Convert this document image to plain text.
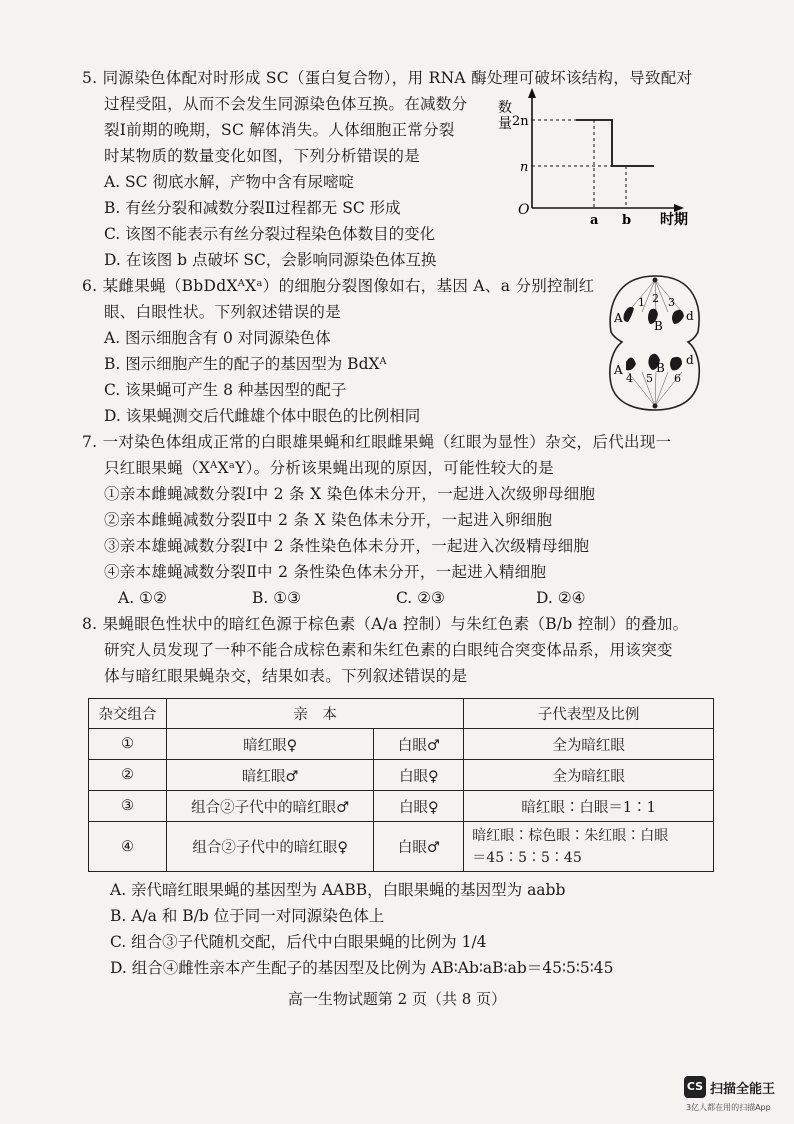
5. 同源染色体配对时形成 SC（蛋白复合物），用 RNA 酶处理可破坏该结构，导致配对
过程受阻，从而不会发生同源染色体互换。在减数分
裂Ⅰ前期的晚期，SC 解体消失。人体细胞正常分裂
时某物质的数量变化如图，下列分析错误的是
A. SC 彻底水解，产物中含有尿嘧啶
B. 有丝分裂和减数分裂Ⅱ过程都无 SC 形成
C. 该图不能表示有丝分裂过程染色体数目的变化
D. 在该图 b 点破坏 SC，会影响同源染色体互换
数
量 2n
n
O
a b 时期
6. 某雌果蝇（BbDdXᴬXᵃ）的细胞分裂图像如右，基因 A、a 分别控制红
眼、白眼性状。下列叙述错误的是
A. 图示细胞含有 0 对同源染色体
B. 图示细胞产生的配子的基因型为 BdXᴬ
C. 该果蝇可产生 8 种基因型的配子
D. 该果蝇测交后代雌雄个体中眼色的比例相同
1 2 3
A
B
d
A	B
d
4 5 6
7. 一对染色体组成正常的白眼雄果蝇和红眼雌果蝇（红眼为显性）杂交，后代出现一
只红眼果蝇（XᴬXᵃY）。分析该果蝇出现的原因，可能性较大的是
①亲本雌蝇减数分裂Ⅰ中 2 条 X 染色体未分开，一起进入次级卵母细胞
②亲本雌蝇减数分裂Ⅱ中 2 条 X 染色体未分开，一起进入卵细胞
③亲本雄蝇减数分裂Ⅰ中 2 条性染色体未分开，一起进入次级精母细胞
④亲本雄蝇减数分裂Ⅱ中 2 条性染色体未分开，一起进入精细胞
A. ①②	B. ①③	C. ②③	D. ②④
8. 果蝇眼色性状中的暗红色源于棕色素（A/a 控制）与朱红色素（B/b 控制）的叠加。
研究人员发现了一种不能合成棕色素和朱红色素的白眼纯合突变体品系，用该突变
体与暗红眼果蝇杂交，结果如表。下列叙述错误的是
杂交组合	亲　本		子代表型及比例
①	暗红眼♀	白眼♂	全为暗红眼
②	暗红眼♂	白眼♀	全为暗红眼
③	组合②子代中的暗红眼♂	白眼♀	暗红眼∶白眼＝1∶1
④	组合②子代中的暗红眼♀	白眼♂	暗红眼∶棕色眼∶朱红眼∶白眼
＝45∶5∶5∶45
A. 亲代暗红眼果蝇的基因型为 AABB，白眼果蝇的基因型为 aabb
B. A/a 和 B/b 位于同一对同源染色体上
C. 组合③子代随机交配，后代中白眼果蝇的比例为 1/4
D. 组合④雌性亲本产生配子的基因型及比例为 AB∶Ab∶aB∶ab＝45∶5∶5∶45
高一生物试题第 2 页（共 8 页）
CS 扫描全能王
3亿人都在用的扫描App
